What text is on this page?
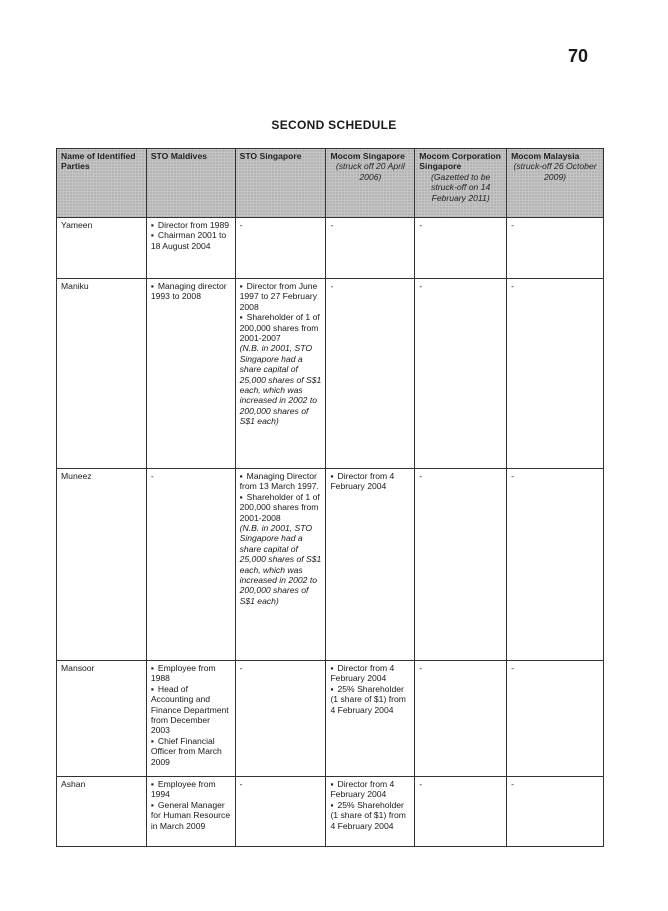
70
SECOND SCHEDULE
Name of Identified Parties	STO Maldives	STO Singapore	Mocom Singapore
(struck off 20 April 2006)	Mocom Corporation Singapore
(Gazetted to be struck-off on 14 February 2011)	Mocom Malaysia
(struck-off 26 October 2009)

Yameen	▪ Director from 1989
▪ Chairman 2001 to 18 August 2004	-	-	-	-

Maniku	▪ Managing director 1993 to 2008	▪ Director from June 1997 to 27 February 2008
▪ Shareholder of 1 of 200,000 shares from 2001-2007
(N.B. in 2001, STO Singapore had a share capital of 25,000 shares of S$1 each, which was increased in 2002 to 200,000 shares of S$1 each)	-	-	-

Muneez	-	▪ Managing Director from 13 March 1997.
▪ Shareholder of 1 of 200,000 shares from 2001-2008
(N.B. in 2001, STO Singapore had a share capital of 25,000 shares of S$1 each, which was increased in 2002 to 200,000 shares of S$1 each)	▪ Director from 4 February 2004	-	-

Mansoor	▪ Employee from 1988
▪ Head of Accounting and Finance Department from December 2003
▪ Chief Financial Officer from March 2009	-	▪ Director from 4 February 2004
▪ 25% Shareholder (1 share of $1) from 4 February 2004	-	-

Ashan	▪ Employee from 1994
▪ General Manager for Human Resource in March 2009	-	▪ Director from 4 February 2004
▪ 25% Shareholder (1 share of $1) from 4 February 2004	-	-
